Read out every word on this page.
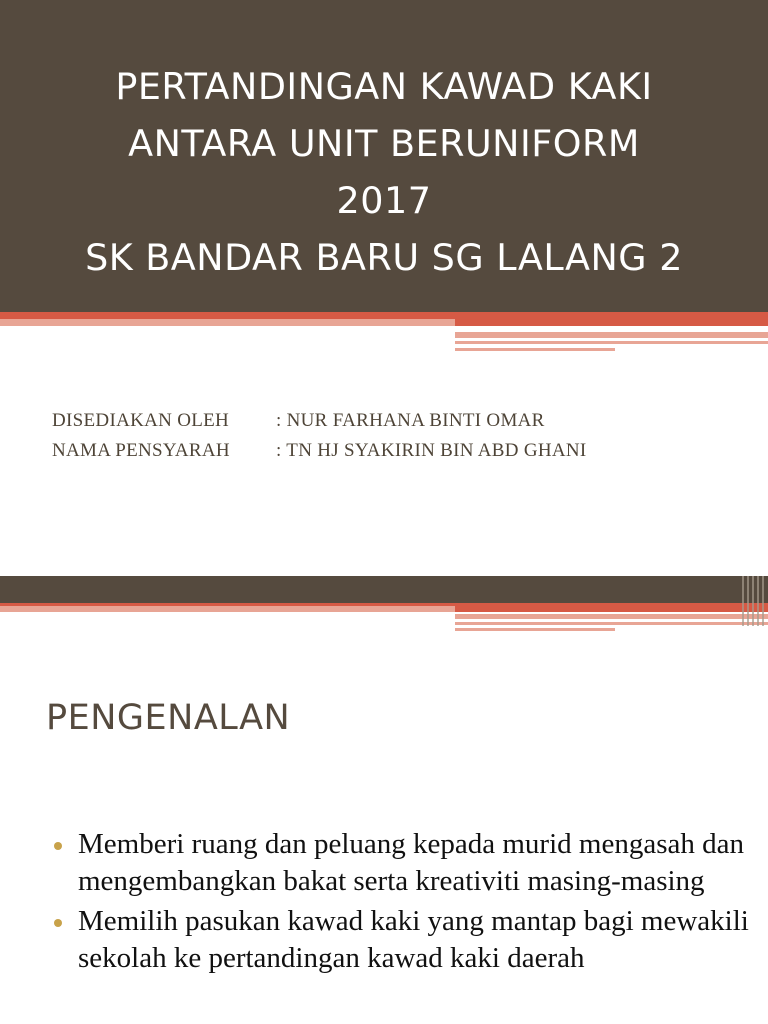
PERTANDINGAN KAWAD KAKI
ANTARA UNIT BERUNIFORM
2017
SK BANDAR BARU SG LALANG 2
DISEDIAKAN OLEH : NUR FARHANA BINTI OMAR
NAMA PENSYARAH : TN HJ SYAKIRIN BIN ABD GHANI
PENGENALAN
Memberi ruang dan peluang kepada murid mengasah dan mengembangkan bakat serta kreativiti masing-masing
Memilih pasukan kawad kaki yang mantap bagi mewakili sekolah ke pertandingan kawad kaki daerah
